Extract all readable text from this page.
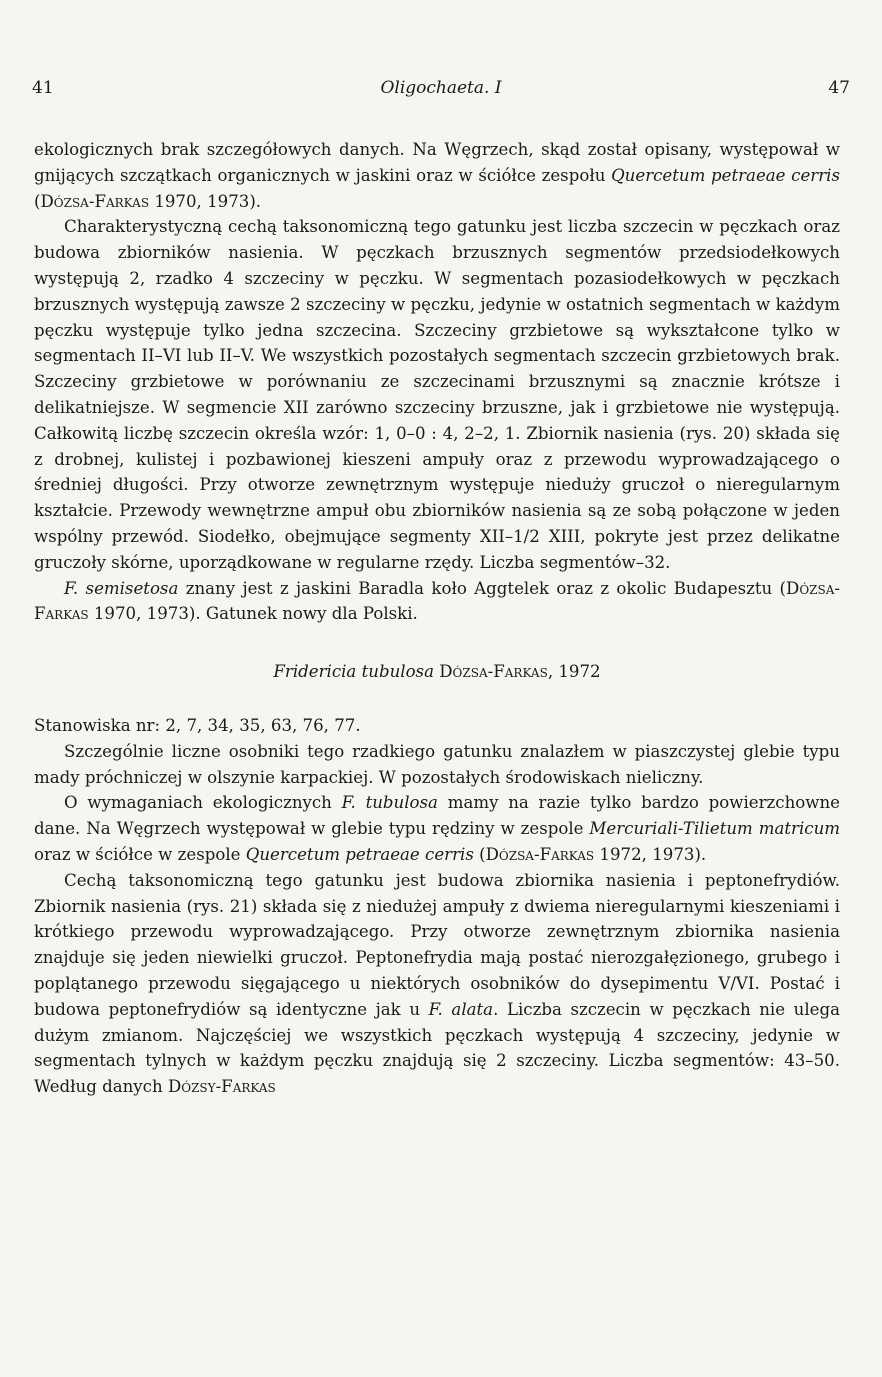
41	Oligochaeta. I	47

ekologicznych brak szczegółowych danych. Na Węgrzech, skąd został opisany, występował w gnijących szczątkach organicznych w jaskini oraz w ściółce zespołu Quercetum petraeae cerris (Dózsa-Farkas 1970, 1973).

Charakterystyczną cechą taksonomiczną tego gatunku jest liczba szczecin w pęczkach oraz budowa zbiorników nasienia. W pęczkach brzusznych segmentów przedsiodełkowych występują 2, rzadko 4 szczeciny w pęczku. W segmentach pozasiodełkowych w pęczkach brzusznych występują zawsze 2 szczeciny w pęczku, jedynie w ostatnich segmentach w każdym pęczku występuje tylko jedna szczecina. Szczeciny grzbietowe są wykształcone tylko w segmentach II–VI lub II–V. We wszystkich pozostałych segmentach szczecin grzbietowych brak. Szczeciny grzbietowe w porównaniu ze szczecinami brzusznymi są znacznie krótsze i delikatniejsze. W segmencie XII zarówno szczeciny brzuszne, jak i grzbietowe nie występują. Całkowitą liczbę szczecin określa wzór: 1, 0–0 : 4, 2–2, 1. Zbiornik nasienia (rys. 20) składa się z drobnej, kulistej i pozbawionej kieszeni ampuły oraz z przewodu wyprowadzającego o średniej długości. Przy otworze zewnętrznym występuje nieduży gruczoł o nieregularnym kształcie. Przewody wewnętrzne ampuł obu zbiorników nasienia są ze sobą połączone w jeden wspólny przewód. Siodełko, obejmujące segmenty XII–1/2 XIII, pokryte jest przez delikatne gruczoły skórne, uporządkowane w regularne rzędy. Liczba segmentów–32.

F. semisetosa znany jest z jaskini Baradla koło Aggtelek oraz z okolic Budapesztu (Dózsa-Farkas 1970, 1973). Gatunek nowy dla Polski.

Fridericia tubulosa Dózsa-Farkas, 1972

Stanowiska nr: 2, 7, 34, 35, 63, 76, 77.

Szczególnie liczne osobniki tego rzadkiego gatunku znalazłem w piaszczystej glebie typu mady próchniczej w olszynie karpackiej. W pozostałych środowiskach nieliczny.

O wymaganiach ekologicznych F. tubulosa mamy na razie tylko bardzo powierzchowne dane. Na Węgrzech występował w glebie typu rędziny w zespole Mercuriali-Tilietum matricum oraz w ściółce w zespole Quercetum petraeae cerris (Dózsa-Farkas 1972, 1973).

Cechą taksonomiczną tego gatunku jest budowa zbiornika nasienia i peptonefrydiów. Zbiornik nasienia (rys. 21) składa się z niedużej ampuły z dwiema nieregularnymi kieszeniami i krótkiego przewodu wyprowadzającego. Przy otworze zewnętrznym zbiornika nasienia znajduje się jeden niewielki gruczoł. Peptonefrydia mają postać nierozgałęzionego, grubego i poplątanego przewodu sięgającego u niektórych osobników do dysepimentu V/VI. Postać i budowa peptonefrydiów są identyczne jak u F. alata. Liczba szczecin w pęczkach nie ulega dużym zmianom. Najczęściej we wszystkich pęczkach występują 4 szczeciny, jedynie w segmentach tylnych w każdym pęczku znajdują się 2 szczeciny. Liczba segmentów: 43–50. Według danych Dózsy-Farkas
